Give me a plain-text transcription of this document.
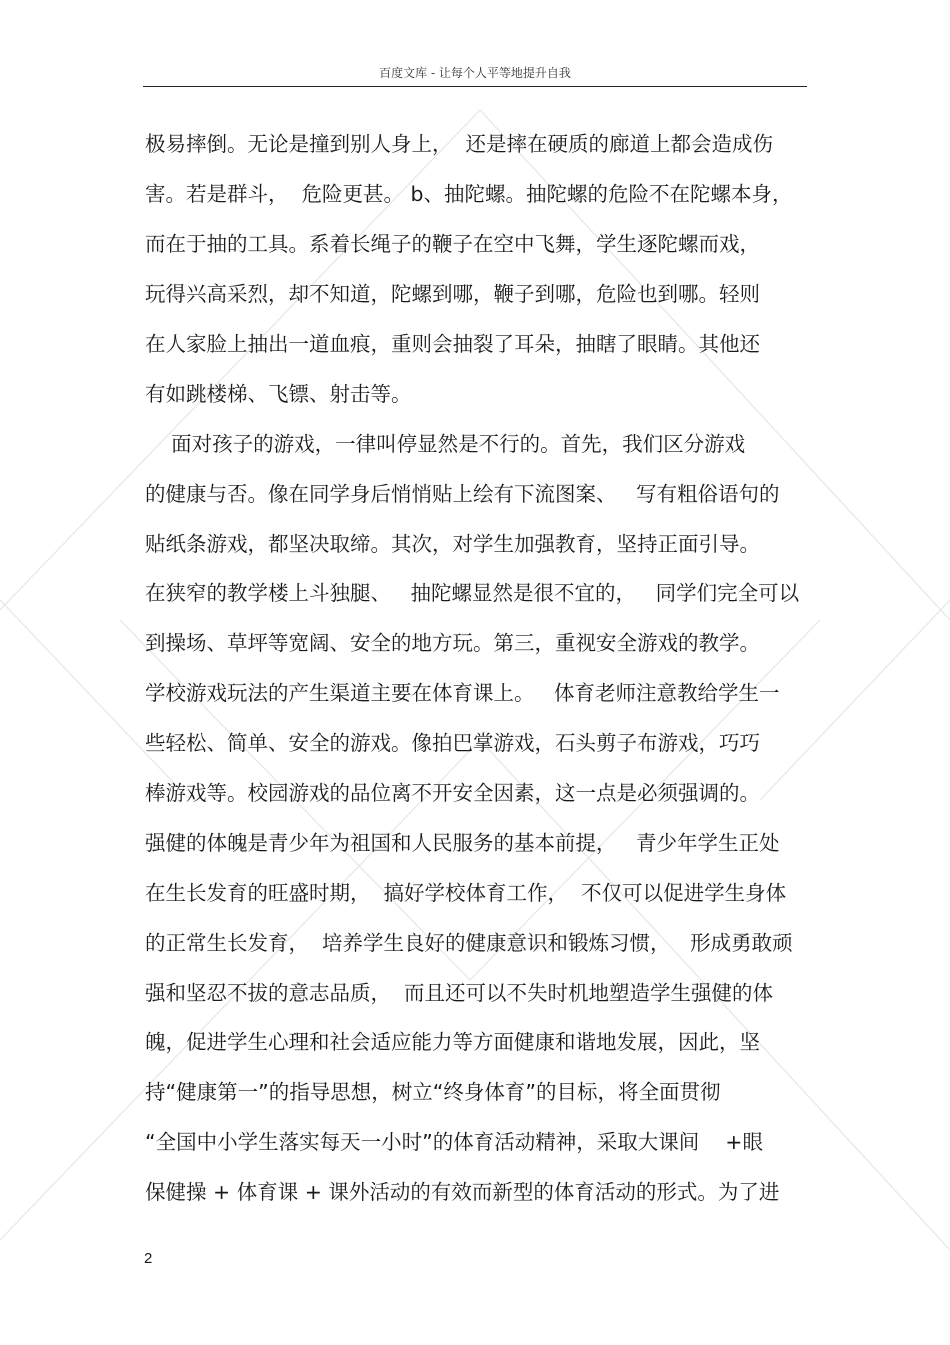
百度文库 - 让每个人平等地提升自我
极易摔倒。无论是撞到别人身上，  还是摔在硬质的廊道上都会造成伤
害。若是群斗，  危险更甚。 b、抽陀螺。抽陀螺的危险不在陀螺本身，
而在于抽的工具。系着长绳子的鞭子在空中飞舞，学生逐陀螺而戏，
玩得兴高采烈，却不知道，陀螺到哪，鞭子到哪，危险也到哪。轻则
在人家脸上抽出一道血痕，重则会抽裂了耳朵，抽瞎了眼睛。其他还
有如跳楼梯、飞镖、射击等。
面对孩子的游戏，一律叫停显然是不行的。首先，我们区分游戏
的健康与否。像在同学身后悄悄贴上绘有下流图案、   写有粗俗语句的
贴纸条游戏，都坚决取缔。其次，对学生加强教育，坚持正面引导。
在狭窄的教学楼上斗独腿、   抽陀螺显然是很不宜的，   同学们完全可以
到操场、草坪等宽阔、安全的地方玩。第三，重视安全游戏的教学。
学校游戏玩法的产生渠道主要在体育课上。   体育老师注意教给学生一
些轻松、简单、安全的游戏。像拍巴掌游戏，石头剪子布游戏，巧巧
棒游戏等。校园游戏的品位离不开安全因素，这一点是必须强调的。
强健的体魄是青少年为祖国和人民服务的基本前提，   青少年学生正处
在生长发育的旺盛时期，  搞好学校体育工作，  不仅可以促进学生身体
的正常生长发育，  培养学生良好的健康意识和锻炼习惯，   形成勇敢顽
强和坚忍不拔的意志品质，  而且还可以不失时机地塑造学生强健的体
魄，促进学生心理和社会适应能力等方面健康和谐地发展，因此，坚
持“健康第一”的指导思想，树立“终身体育”的目标，将全面贯彻
“全国中小学生落实每天一小时”的体育活动精神，采取大课间    +眼
保健操 + 体育课 + 课外活动的有效而新型的体育活动的形式。为了进
2
